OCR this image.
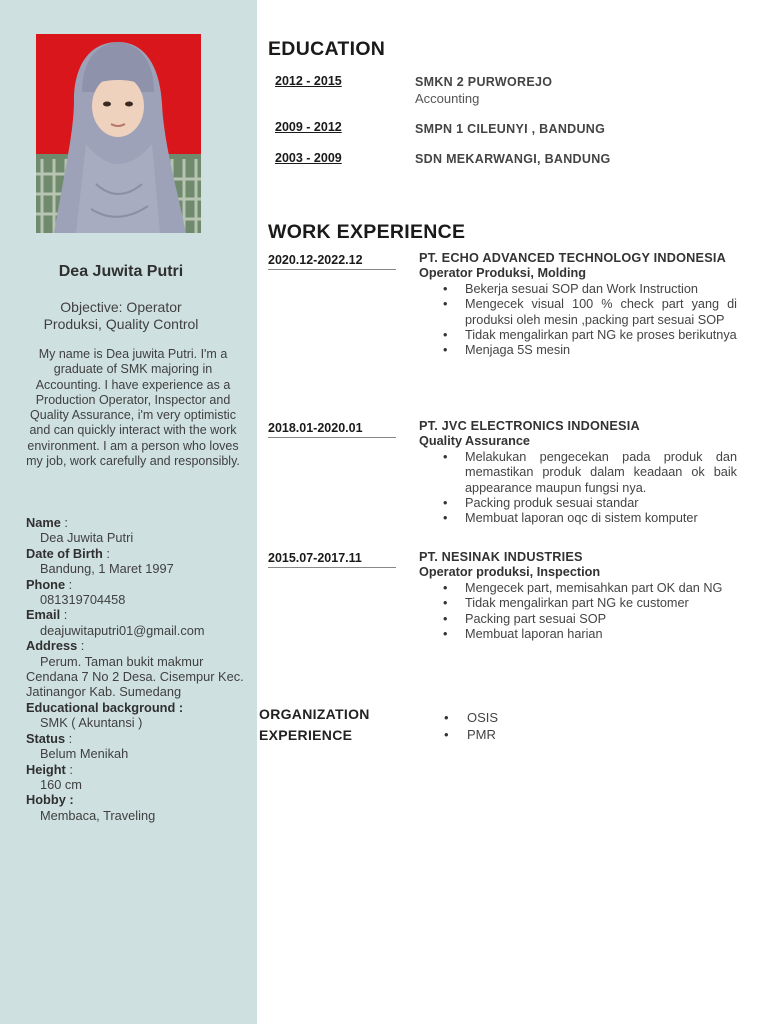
Dea Juwita Putri
Objective: Operator
Produksi, Quality Control
My name is Dea juwita Putri. I'm a graduate of SMK majoring in Accounting. I have experience as a Production Operator, Inspector and Quality Assurance, i'm very optimistic and can quickly interact with the work environment. I am a person who loves my job, work carefully and responsibly.
Name :
Dea Juwita Putri
Date of Birth :
Bandung, 1 Maret 1997
Phone :
081319704458
Email :
deajuwitaputri01@gmail.com
Address :
Perum. Taman bukit makmur Cendana 7 No 2 Desa. Cisempur Kec. Jatinangor Kab. Sumedang
Educational background :
SMK ( Akuntansi )
Status :
Belum Menikah
Height :
160 cm
Hobby :
Membaca, Traveling
EDUCATION
2012 - 2015	SMKN 2 PURWOREJO
Accounting
2009 - 2012	SMPN 1 CILEUNYI , BANDUNG
2003 - 2009	SDN MEKARWANGI, BANDUNG
WORK EXPERIENCE
2020.12-2022.12	PT. ECHO ADVANCED TECHNOLOGY INDONESIA
Operator Produksi, Molding
• Bekerja sesuai SOP dan Work Instruction
• Mengecek visual 100 % check part yang di produksi oleh mesin ,packing part sesuai SOP
• Tidak mengalirkan part NG ke proses berikutnya
• Menjaga 5S mesin
2018.01-2020.01	PT. JVC ELECTRONICS INDONESIA
Quality Assurance
• Melakukan pengecekan pada produk dan memastikan produk dalam keadaan ok baik appearance maupun fungsi nya.
• Packing produk sesuai standar
• Membuat laporan oqc di sistem komputer
2015.07-2017.11	PT. NESINAK INDUSTRIES
Operator produksi, Inspection
• Mengecek part, memisahkan part OK dan NG
• Tidak mengalirkan part NG ke customer
• Packing part sesuai SOP
• Membuat laporan harian
ORGANIZATION
EXPERIENCE
• OSIS
• PMR
